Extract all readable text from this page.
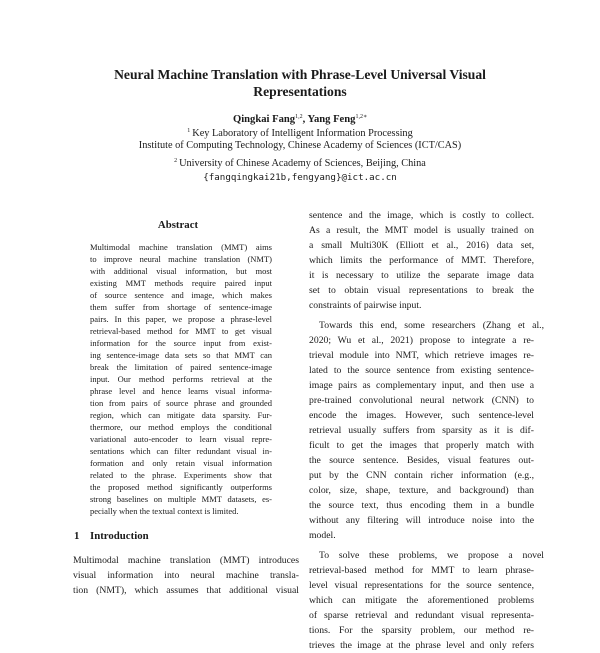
Neural Machine Translation with Phrase-Level Universal Visual
Representations
Qingkai Fang$^{1,2}$, Yang Feng$^{1,2∗}$
$^1$ Key Laboratory of Intelligent Information Processing
Institute of Computing Technology, Chinese Academy of Sciences (ICT/CAS)
$^2$ University of Chinese Academy of Sciences, Beijing, China
{fangqingkai21b,fengyang}@ict.ac.cn
Abstract
Multimodal machine translation (MMT) aims
to improve neural machine translation (NMT)
with additional visual information, but most
existing MMT methods require paired input
of source sentence and image, which makes
them suffer from shortage of sentence-image
pairs. In this paper, we propose a phrase-level
retrieval-based method for MMT to get visual
information for the source input from exist-
ing sentence-image data sets so that MMT can
break the limitation of paired sentence-image
input. Our method performs retrieval at the
phrase level and hence learns visual informa-
tion from pairs of source phrase and grounded
region, which can mitigate data sparsity. Fur-
thermore, our method employs the conditional
variational auto-encoder to learn visual repre-
sentations which can filter redundant visual in-
formation and only retain visual information
related to the phrase. Experiments show that
the proposed method significantly outperforms
strong baselines on multiple MMT datasets, es-
pecially when the textual context is limited.
1 Introduction
Multimodal machine translation (MMT) introduces
visual information into neural machine transla-
tion (NMT), which assumes that additional visual
sentence and the image, which is costly to collect.
As a result, the MMT model is usually trained on
a small Multi30K (Elliott et al., 2016) data set,
which limits the performance of MMT. Therefore,
it is necessary to utilize the separate image data
set to obtain visual representations to break the
constraints of pairwise input.
Towards this end, some researchers (Zhang et al.,
2020; Wu et al., 2021) propose to integrate a re-
trieval module into NMT, which retrieve images re-
lated to the source sentence from existing sentence-
image pairs as complementary input, and then use a
pre-trained convolutional neural network (CNN) to
encode the images. However, such sentence-level
retrieval usually suffers from sparsity as it is dif-
ficult to get the images that properly match with
the source sentence. Besides, visual features out-
put by the CNN contain richer information (e.g.,
color, size, shape, texture, and background) than
the source text, thus encoding them in a bundle
without any filtering will introduce noise into the
model.
To solve these problems, we propose a novel
retrieval-based method for MMT to learn phrase-
level visual representations for the source sentence,
which can mitigate the aforementioned problems
of sparse retrieval and redundant visual representa-
tions. For the sparsity problem, our method re-
trieves the image at the phrase level and only refers
